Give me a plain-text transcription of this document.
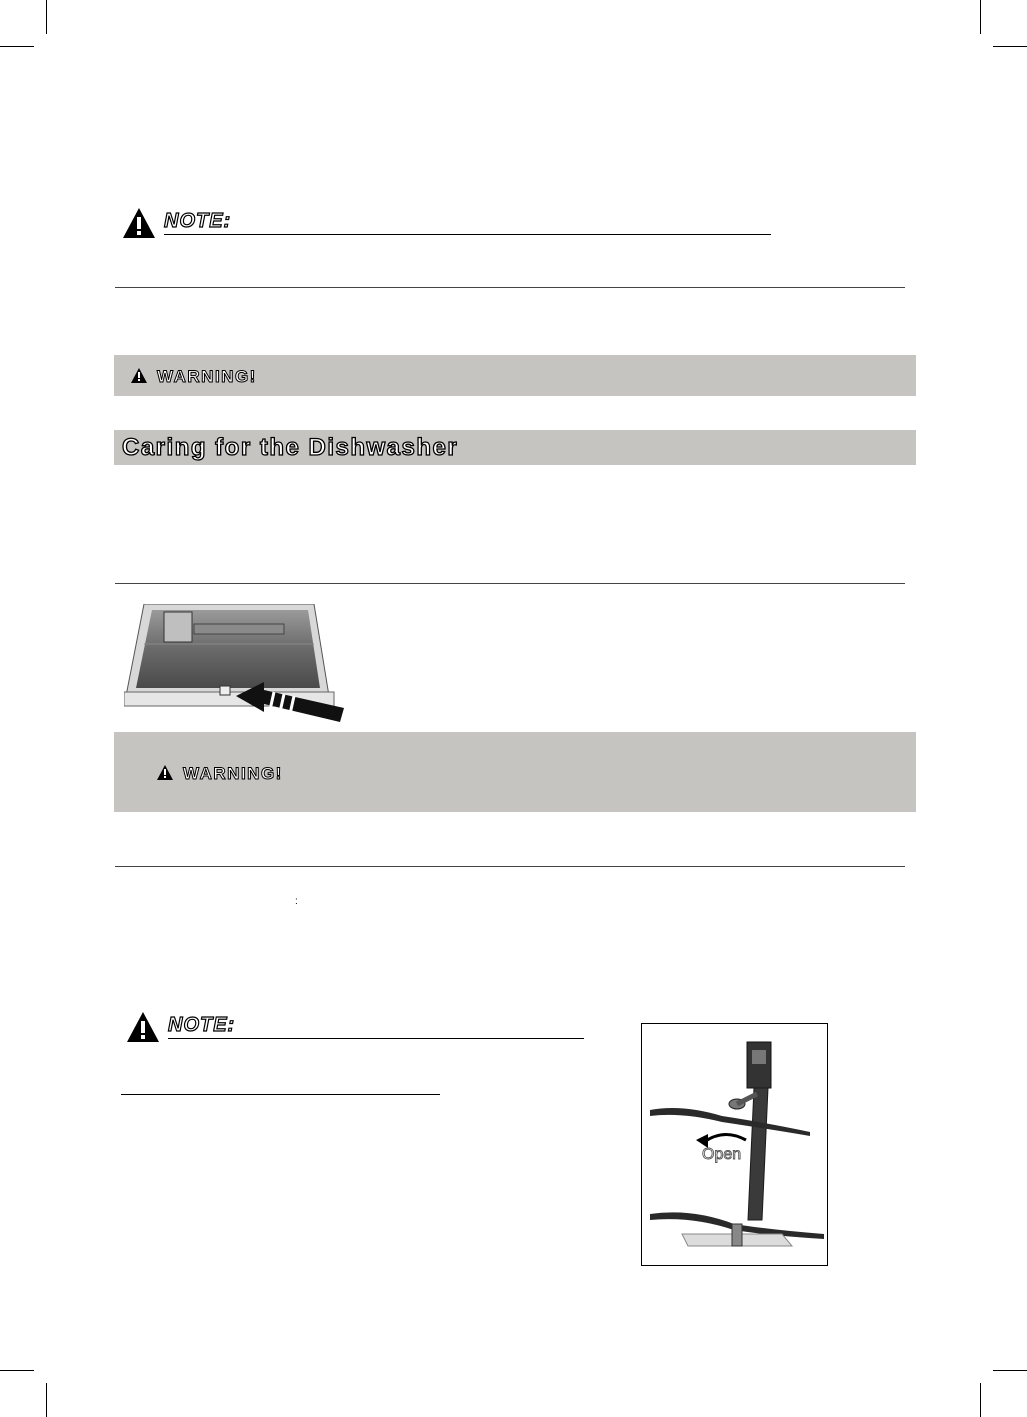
NOTE:
WARNING!
Caring for the Dishwasher
WARNING!
:
NOTE:
Open
